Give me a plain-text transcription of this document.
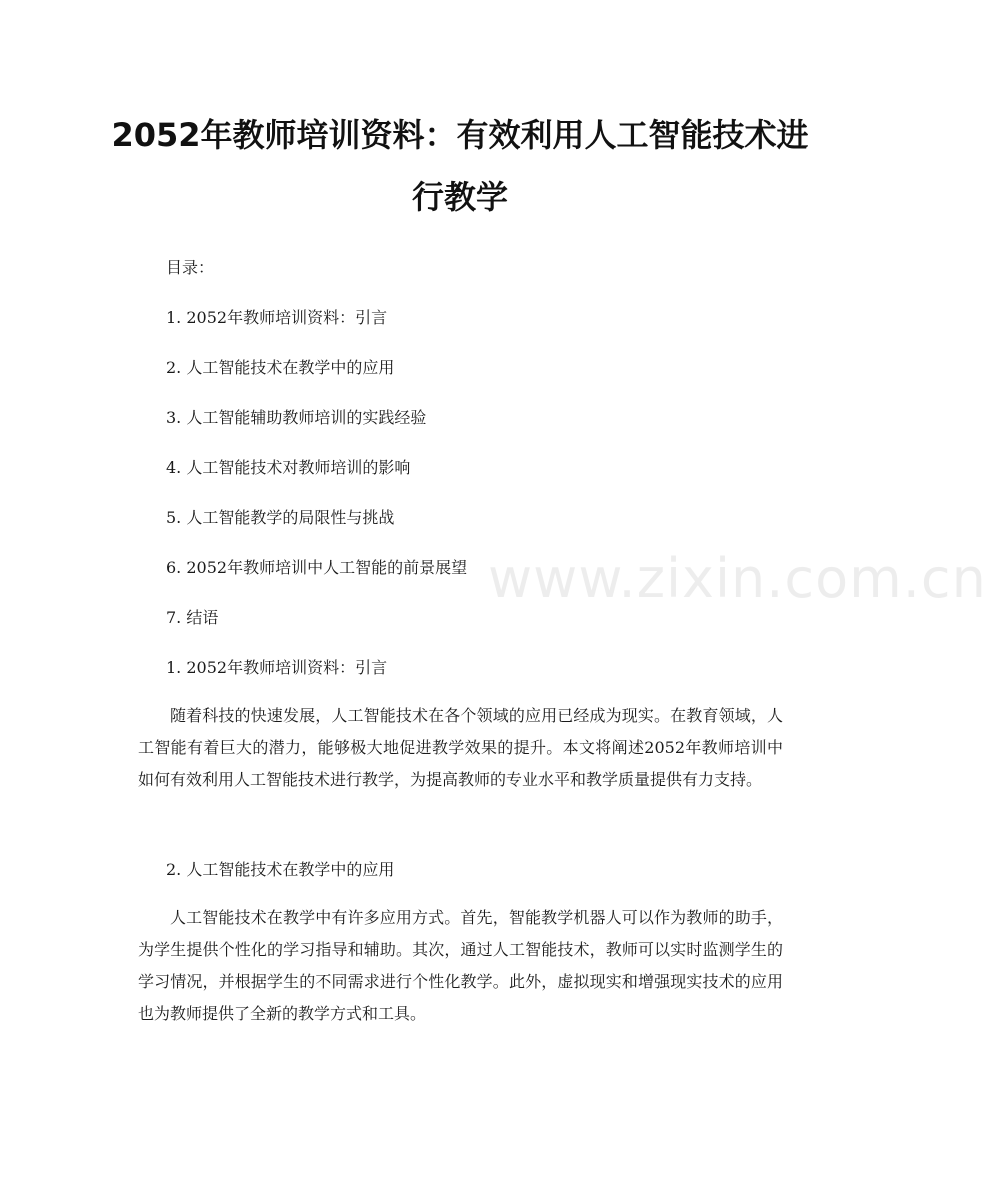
2052年教师培训资料：有效利用人工智能技术进行教学

目录：

1. 2052年教师培训资料：引言

2. 人工智能技术在教学中的应用

3. 人工智能辅助教师培训的实践经验

4. 人工智能技术对教师培训的影响

5. 人工智能教学的局限性与挑战

6. 2052年教师培训中人工智能的前景展望

7. 结语

1. 2052年教师培训资料：引言

随着科技的快速发展，人工智能技术在各个领域的应用已经成为现实。在教育领域，人工智能有着巨大的潜力，能够极大地促进教学效果的提升。本文将阐述2052年教师培训中如何有效利用人工智能技术进行教学，为提高教师的专业水平和教学质量提供有力支持。

2. 人工智能技术在教学中的应用

人工智能技术在教学中有许多应用方式。首先，智能教学机器人可以作为教师的助手，为学生提供个性化的学习指导和辅助。其次，通过人工智能技术，教师可以实时监测学生的学习情况，并根据学生的不同需求进行个性化教学。此外，虚拟现实和增强现实技术的应用也为教师提供了全新的教学方式和工具。

www.zixin.com.cn
